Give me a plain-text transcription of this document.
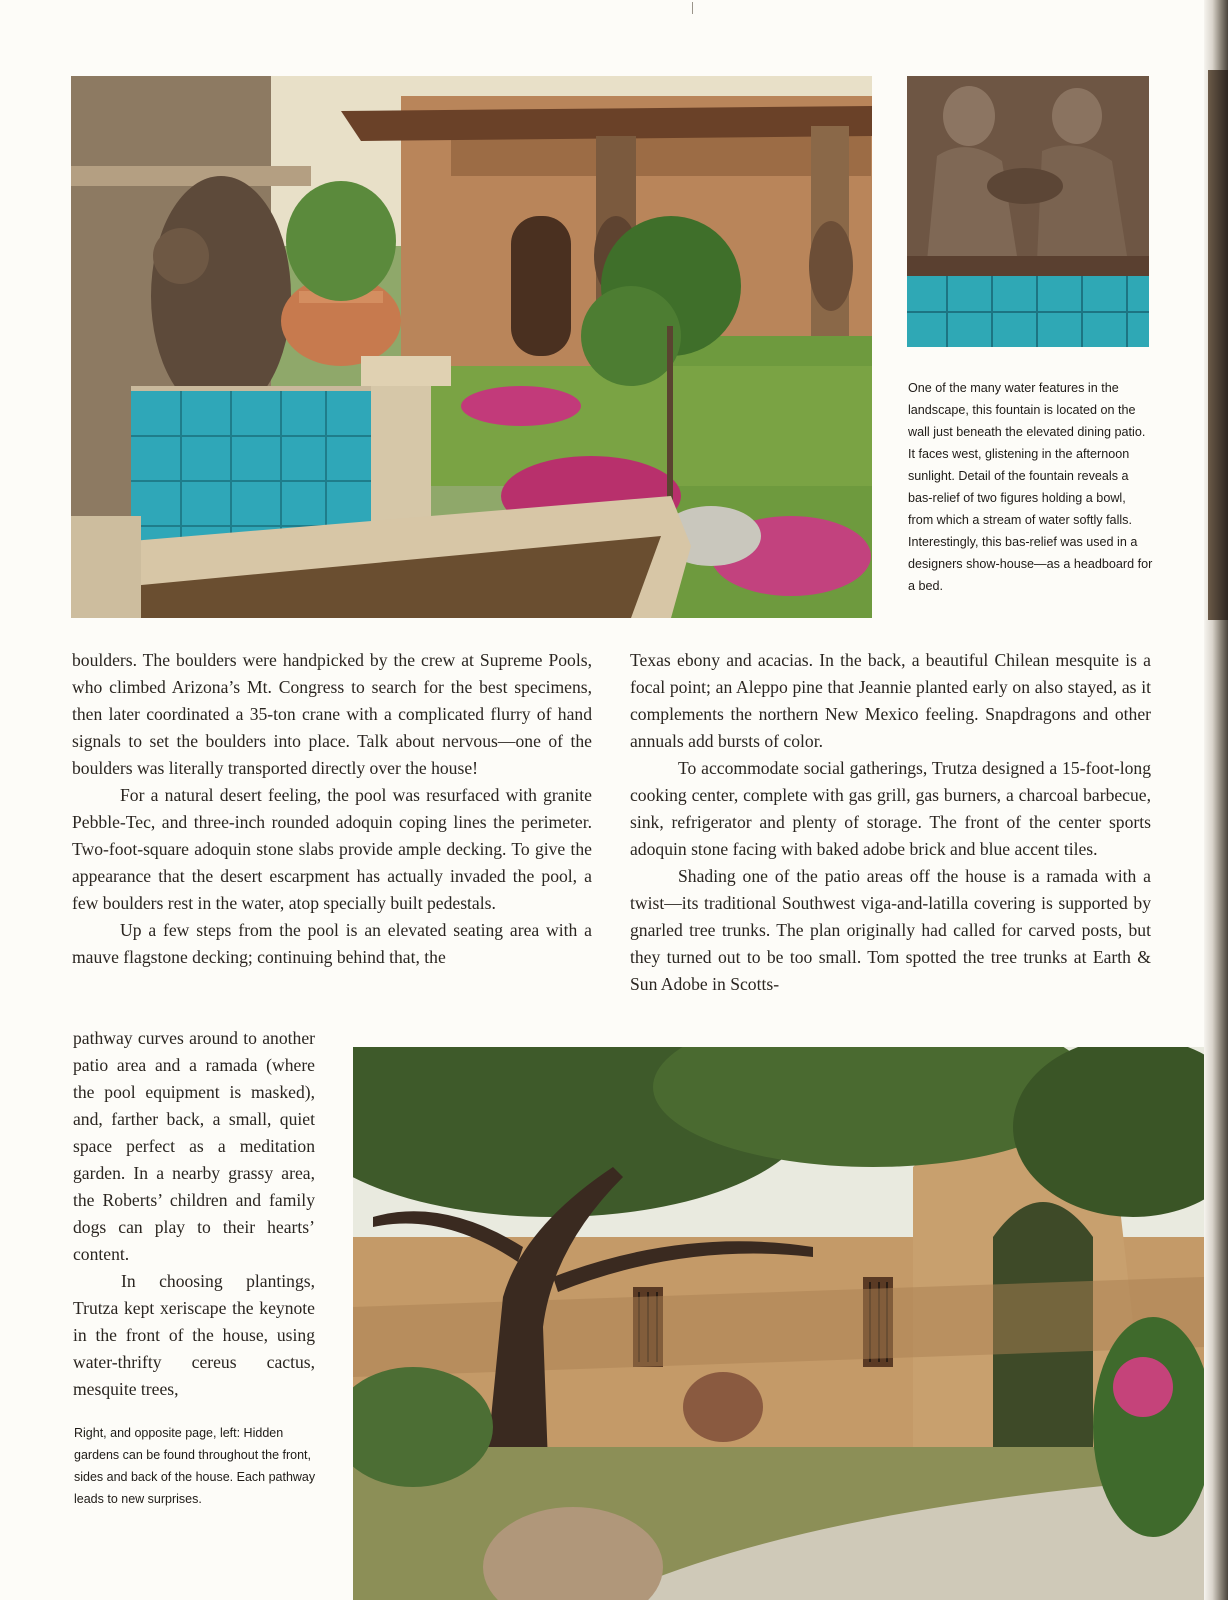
One of the many water features in the landscape, this fountain is located on the wall just beneath the elevated dining patio. It faces west, glistening in the afternoon sunlight. Detail of the fountain reveals a bas-relief of two figures holding a bowl, from which a stream of water softly falls. Interestingly, this bas-relief was used in a designers show-house—as a headboard for a bed.

boulders. The boulders were handpicked by the crew at Supreme Pools, who climbed Arizona’s Mt. Congress to search for the best specimens, then later coordinated a 35-ton crane with a complicated flurry of hand signals to set the boulders into place. Talk about nervous—one of the boulders was literally transported directly over the house!

For a natural desert feeling, the pool was resurfaced with granite Pebble-Tec, and three-inch rounded adoquin coping lines the perimeter. Two-foot-square adoquin stone slabs provide ample decking. To give the appearance that the desert escarpment has actually invaded the pool, a few boulders rest in the water, atop specially built pedestals.

Up a few steps from the pool is an elevated seating area with a mauve flagstone decking; continuing behind that, the

Texas ebony and acacias. In the back, a beautiful Chilean mesquite is a focal point; an Aleppo pine that Jeannie planted early on also stayed, as it complements the northern New Mexico feeling. Snapdragons and other annuals add bursts of color.

To accommodate social gatherings, Trutza designed a 15-foot-long cooking center, complete with gas grill, gas burners, a charcoal barbecue, sink, refrigerator and plenty of storage. The front of the center sports adoquin stone facing with baked adobe brick and blue accent tiles.

Shading one of the patio areas off the house is a ramada with a twist—its traditional Southwest viga-and-latilla covering is supported by gnarled tree trunks. The plan originally had called for carved posts, but they turned out to be too small. Tom spotted the tree trunks at Earth & Sun Adobe in Scotts-

pathway curves around to another patio area and a ramada (where the pool equipment is masked), and, farther back, a small, quiet space perfect as a meditation garden. In a nearby grassy area, the Roberts’ children and family dogs can play to their hearts’ content.

In choosing plantings, Trutza kept xeriscape the keynote in the front of the house, using water-thrifty cereus cactus, mesquite trees,

Right, and opposite page, left: Hidden gardens can be found throughout the front, sides and back of the house. Each pathway leads to new surprises.
